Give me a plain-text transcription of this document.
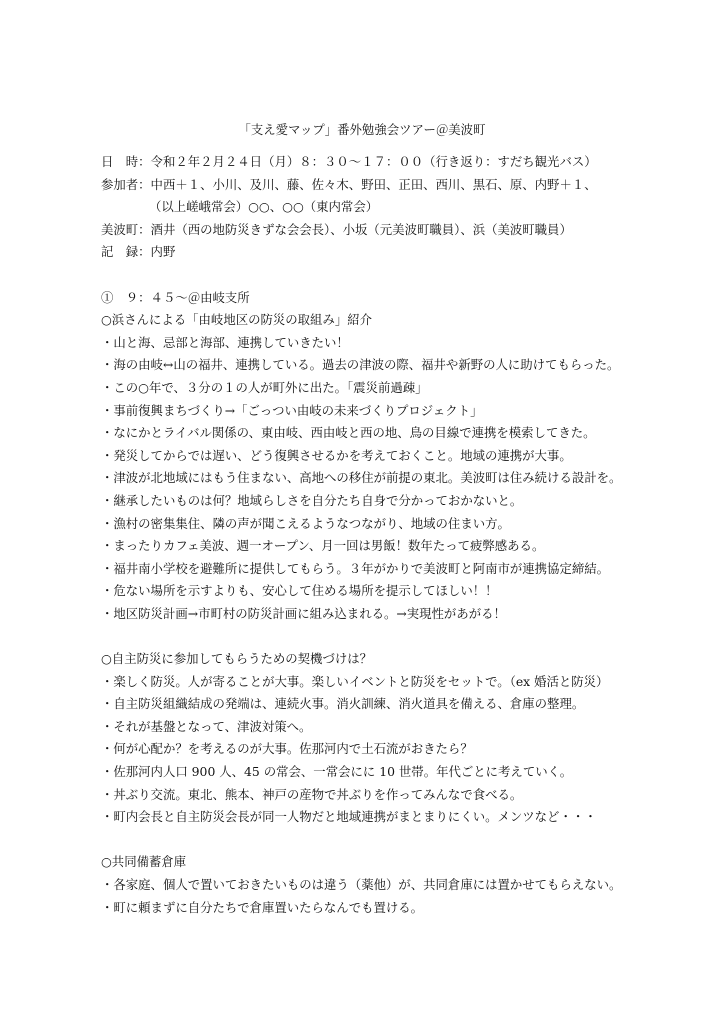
「支え愛マップ」番外勉強会ツアー＠美波町
日　時：令和２年２月２４日（月）８：３０～１７：００（行き返り：すだち観光バス）
参加者：中西＋１、小川、及川、藤、佐々木、野田、正田、西川、黒石、原、内野＋１、
（以上嵯峨常会）○○、○○（東内常会）
美波町：酒井（西の地防災きずな会会長）、小坂（元美波町職員）、浜（美波町職員）
記　録：内野
①　９：４５～＠由岐支所
○浜さんによる「由岐地区の防災の取組み」紹介
・山と海、忌部と海部、連携していきたい！
・海の由岐↔山の福井、連携している。過去の津波の際、福井や新野の人に助けてもらった。
・この○年で、３分の１の人が町外に出た。「震災前過疎」
・事前復興まちづくり→「ごっつい由岐の未来づくりプロジェクト」
・なにかとライバル関係の、東由岐、西由岐と西の地、鳥の目線で連携を模索してきた。
・発災してからでは遅い、どう復興させるかを考えておくこと。地域の連携が大事。
・津波が北地域にはもう住まない、高地への移住が前提の東北。美波町は住み続ける設計を。
・継承したいものは何？地域らしさを自分たち自身で分かっておかないと。
・漁村の密集集住、隣の声が聞こえるようなつながり、地域の住まい方。
・まったりカフェ美波、週一オープン、月一回は男飯！数年たって疲弊感ある。
・福井南小学校を避難所に提供してもらう。３年がかりで美波町と阿南市が連携協定締結。
・危ない場所を示すよりも、安心して住める場所を提示してほしい！！
・地区防災計画→市町村の防災計画に組み込まれる。→実現性があがる！
○自主防災に参加してもらうための契機づけは？
・楽しく防災。人が寄ることが大事。楽しいイベントと防災をセットで。（ex 婚活と防災）
・自主防災組織結成の発端は、連続火事。消火訓練、消火道具を備える、倉庫の整理。
・それが基盤となって、津波対策へ。
・何が心配か？を考えるのが大事。佐那河内で土石流がおきたら？
・佐那河内人口 900 人、45 の常会、一常会にに 10 世帯。年代ごとに考えていく。
・丼ぶり交流。東北、熊本、神戸の産物で丼ぶりを作ってみんなで食べる。
・町内会長と自主防災会長が同一人物だと地域連携がまとまりにくい。メンツなど・・・
○共同備蓄倉庫
・各家庭、個人で置いておきたいものは違う（薬他）が、共同倉庫には置かせてもらえない。
・町に頼まずに自分たちで倉庫置いたらなんでも置ける。
